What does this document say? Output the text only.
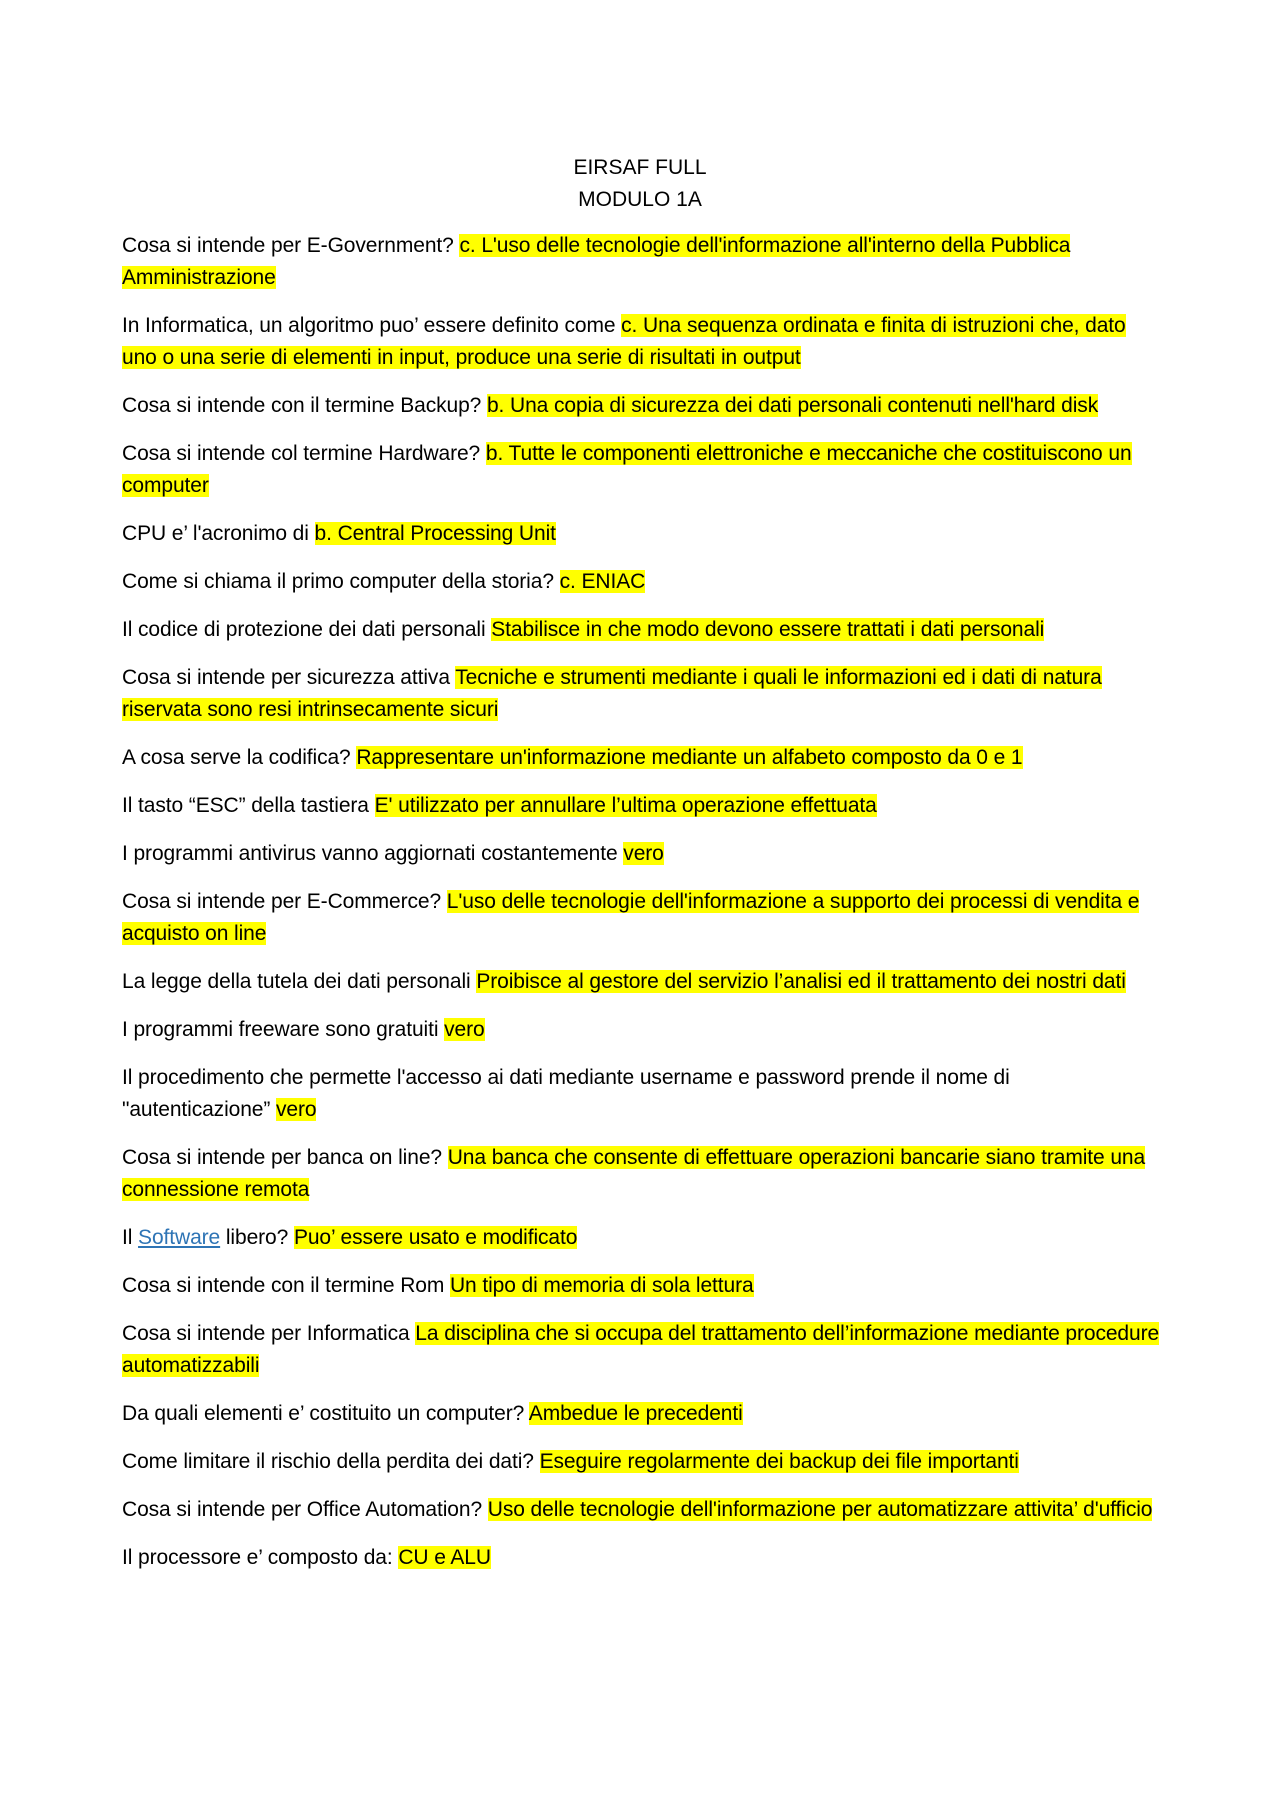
EIRSAF FULL
MODULO 1A

Cosa si intende per E-Government? c. L'uso delle tecnologie dell'informazione all'interno della Pubblica Amministrazione

In Informatica, un algoritmo puo’ essere definito come c. Una sequenza ordinata e finita di istruzioni che, dato uno o una serie di elementi in input, produce una serie di risultati in output

Cosa si intende con il termine Backup? b. Una copia di sicurezza dei dati personali contenuti nell'hard disk

Cosa si intende col termine Hardware? b. Tutte le componenti elettroniche e meccaniche che costituiscono un computer

CPU e’ l'acronimo di b. Central Processing Unit

Come si chiama il primo computer della storia? c. ENIAC

Il codice di protezione dei dati personali Stabilisce in che modo devono essere trattati i dati personali

Cosa si intende per sicurezza attiva Tecniche e strumenti mediante i quali le informazioni ed i dati di natura riservata sono resi intrinsecamente sicuri

A cosa serve la codifica? Rappresentare un'informazione mediante un alfabeto composto da 0 e 1

Il tasto “ESC” della tastiera E' utilizzato per annullare l’ultima operazione effettuata

I programmi antivirus vanno aggiornati costantemente vero

Cosa si intende per E-Commerce? L'uso delle tecnologie dell'informazione a supporto dei processi di vendita e acquisto on line

La legge della tutela dei dati personali Proibisce al gestore del servizio l’analisi ed il trattamento dei nostri dati

I programmi freeware sono gratuiti vero

Il procedimento che permette l'accesso ai dati mediante username e password prende il nome di "autenticazione” vero

Cosa si intende per banca on line? Una banca che consente di effettuare operazioni bancarie siano tramite una connessione remota

Il Software libero? Puo’ essere usato e modificato

Cosa si intende con il termine Rom Un tipo di memoria di sola lettura

Cosa si intende per Informatica La disciplina che si occupa del trattamento dell’informazione mediante procedure automatizzabili

Da quali elementi e’ costituito un computer? Ambedue le precedenti

Come limitare il rischio della perdita dei dati? Eseguire regolarmente dei backup dei file importanti

Cosa si intende per Office Automation? Uso delle tecnologie dell'informazione per automatizzare attivita’ d'ufficio

Il processore e’ composto da: CU e ALU
